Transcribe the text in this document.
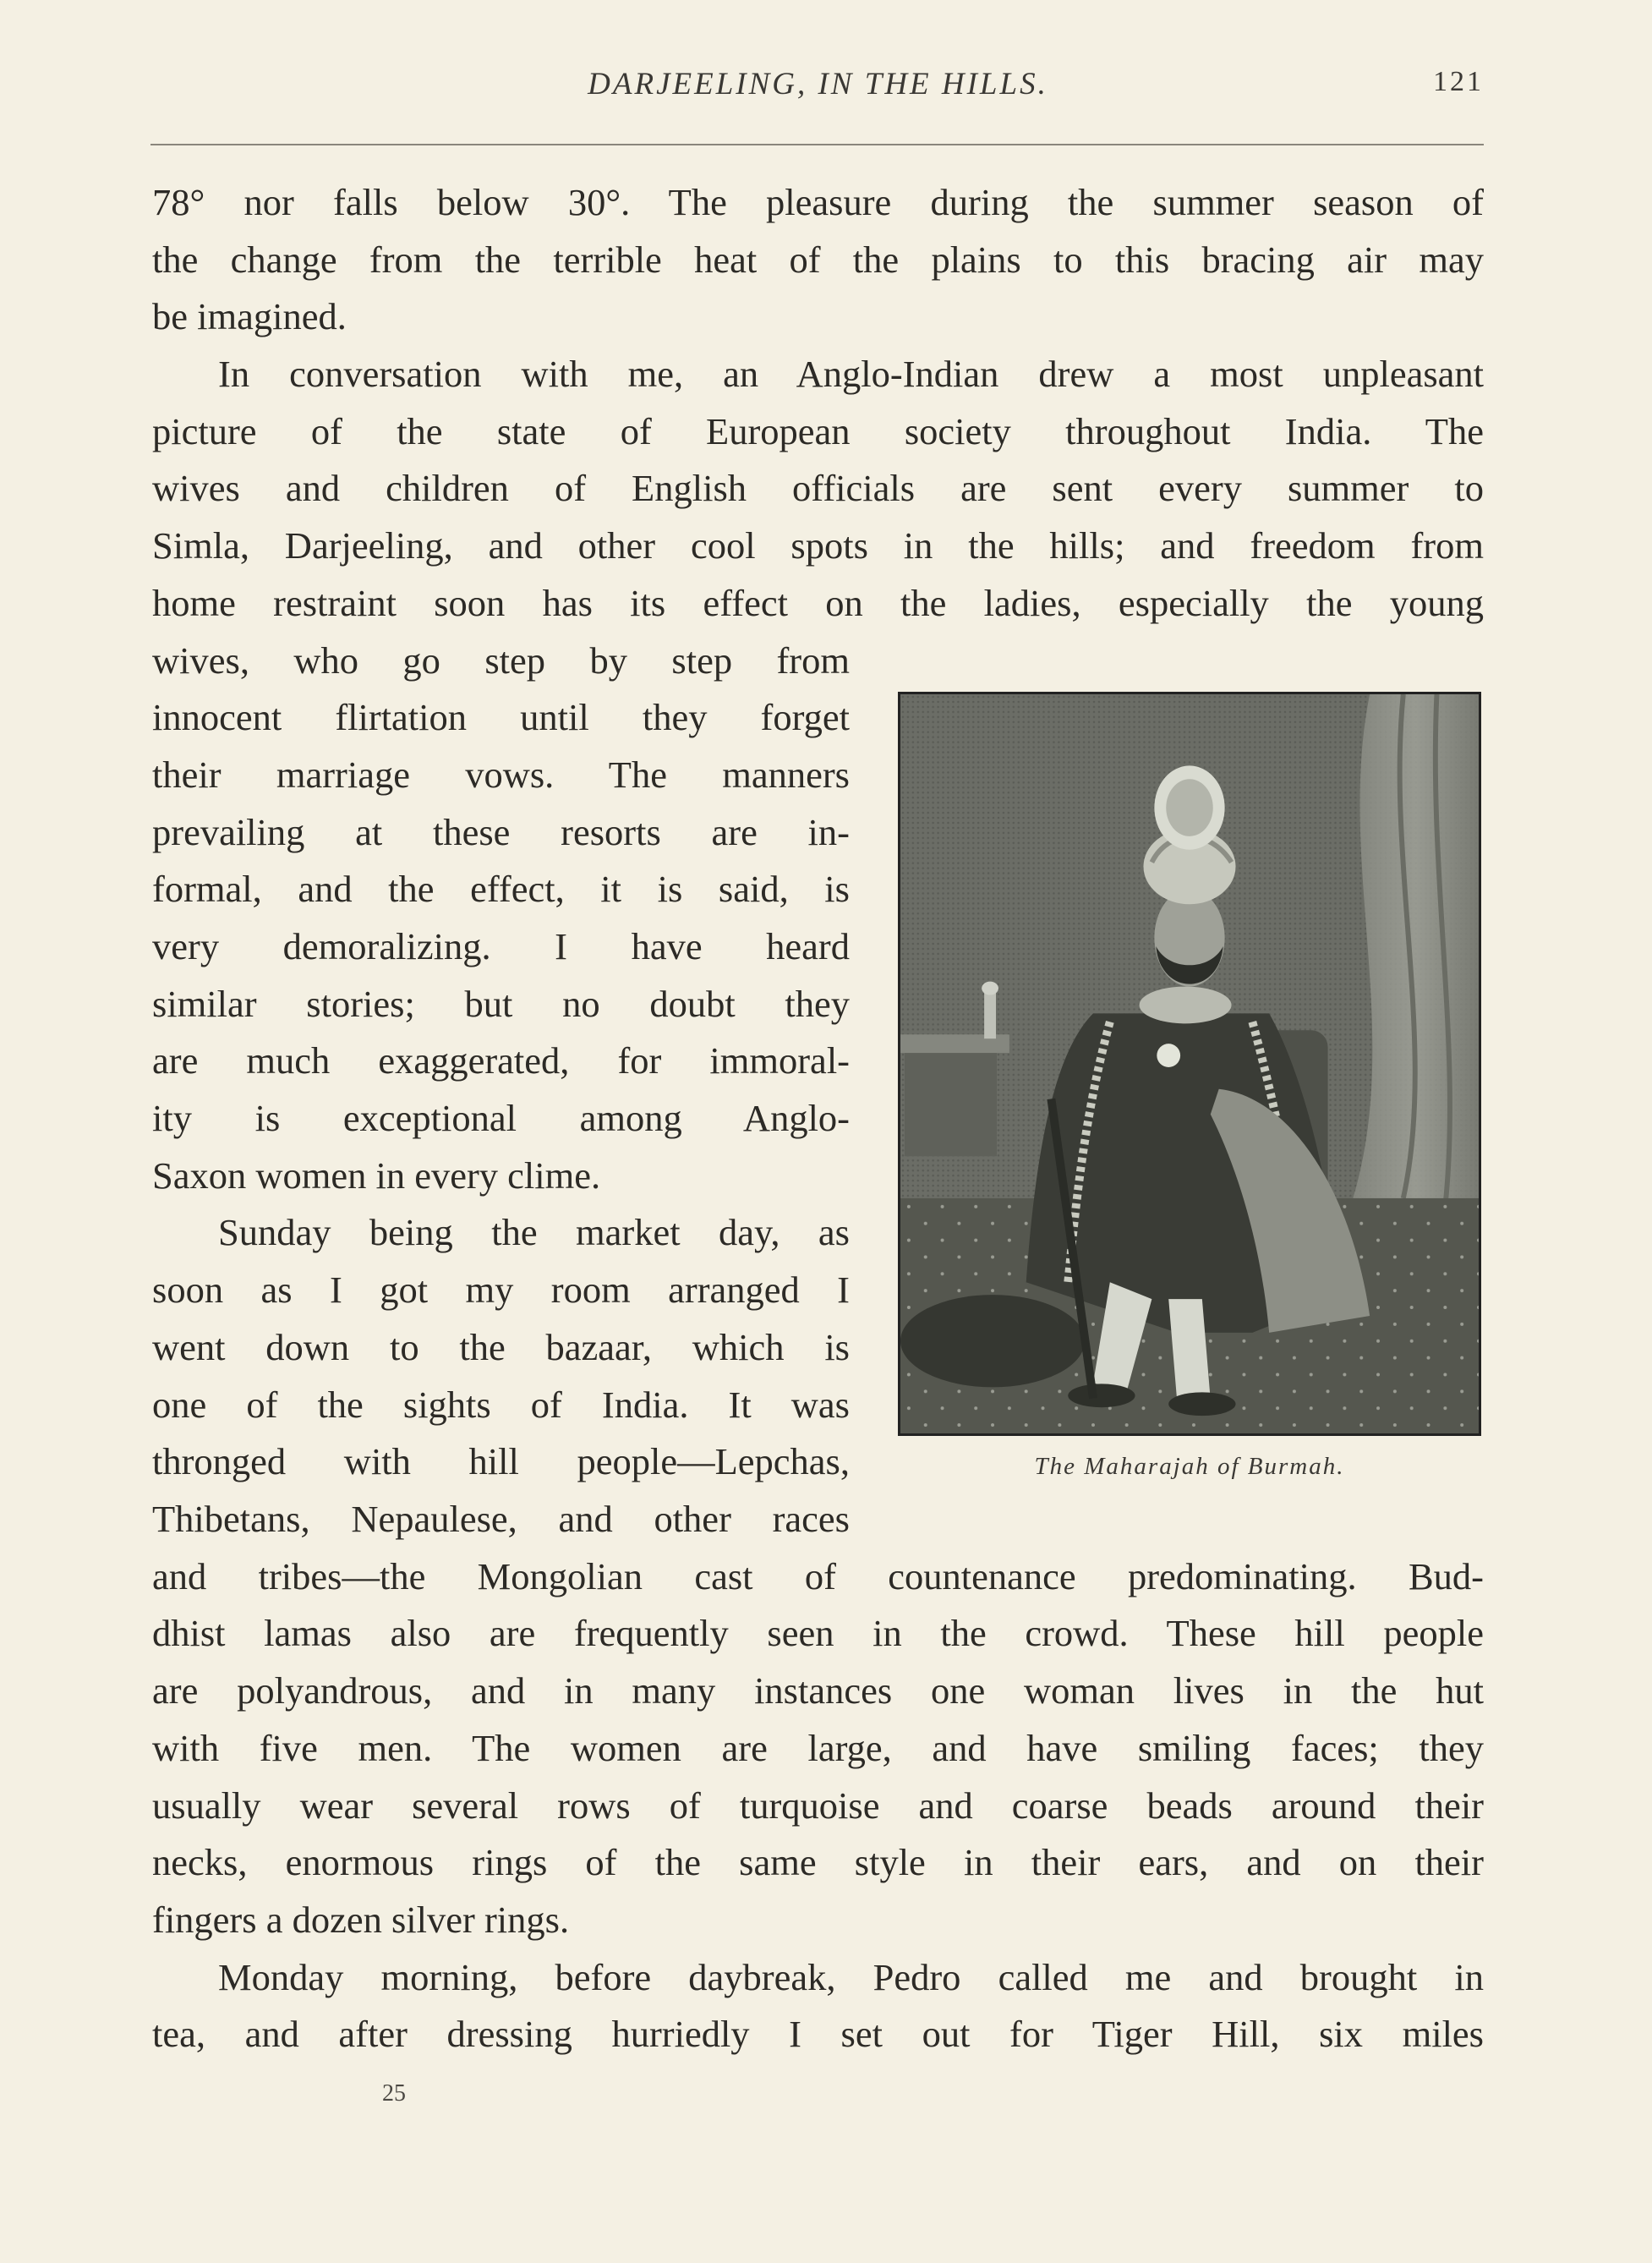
DARJEELING, IN THE HILLS.	121
78° nor falls below 30°. The pleasure during the summer season of
the change from the terrible heat of the plains to this bracing air may
be imagined.
In conversation with me, an Anglo-Indian drew a most unpleasant
picture of the state of European society throughout India. The
wives and children of English officials are sent every summer to
Simla, Darjeeling, and other cool spots in the hills; and freedom from
home restraint soon has its effect on the ladies, especially the young
wives, who go step by step from
innocent flirtation until they forget
their marriage vows. The manners
prevailing at these resorts are in-
formal, and the effect, it is said, is
very demoralizing. I have heard
similar stories; but no doubt they
are much exaggerated, for immoral-
ity is exceptional among Anglo-
Saxon women in every clime.
Sunday being the market day, as
soon as I got my room arranged I
went down to the bazaar, which is
one of the sights of India. It was
thronged with hill people—Lepchas,
Thibetans, Nepaulese, and other races
and tribes—the Mongolian cast of countenance predominating. Bud-
dhist lamas also are frequently seen in the crowd. These hill people
are polyandrous, and in many instances one woman lives in the hut
with five men. The women are large, and have smiling faces; they
usually wear several rows of turquoise and coarse beads around their
necks, enormous rings of the same style in their ears, and on their
fingers a dozen silver rings.
Monday morning, before daybreak, Pedro called me and brought in
tea, and after dressing hurriedly I set out for Tiger Hill, six miles
The Maharajah of Burmah.
25
